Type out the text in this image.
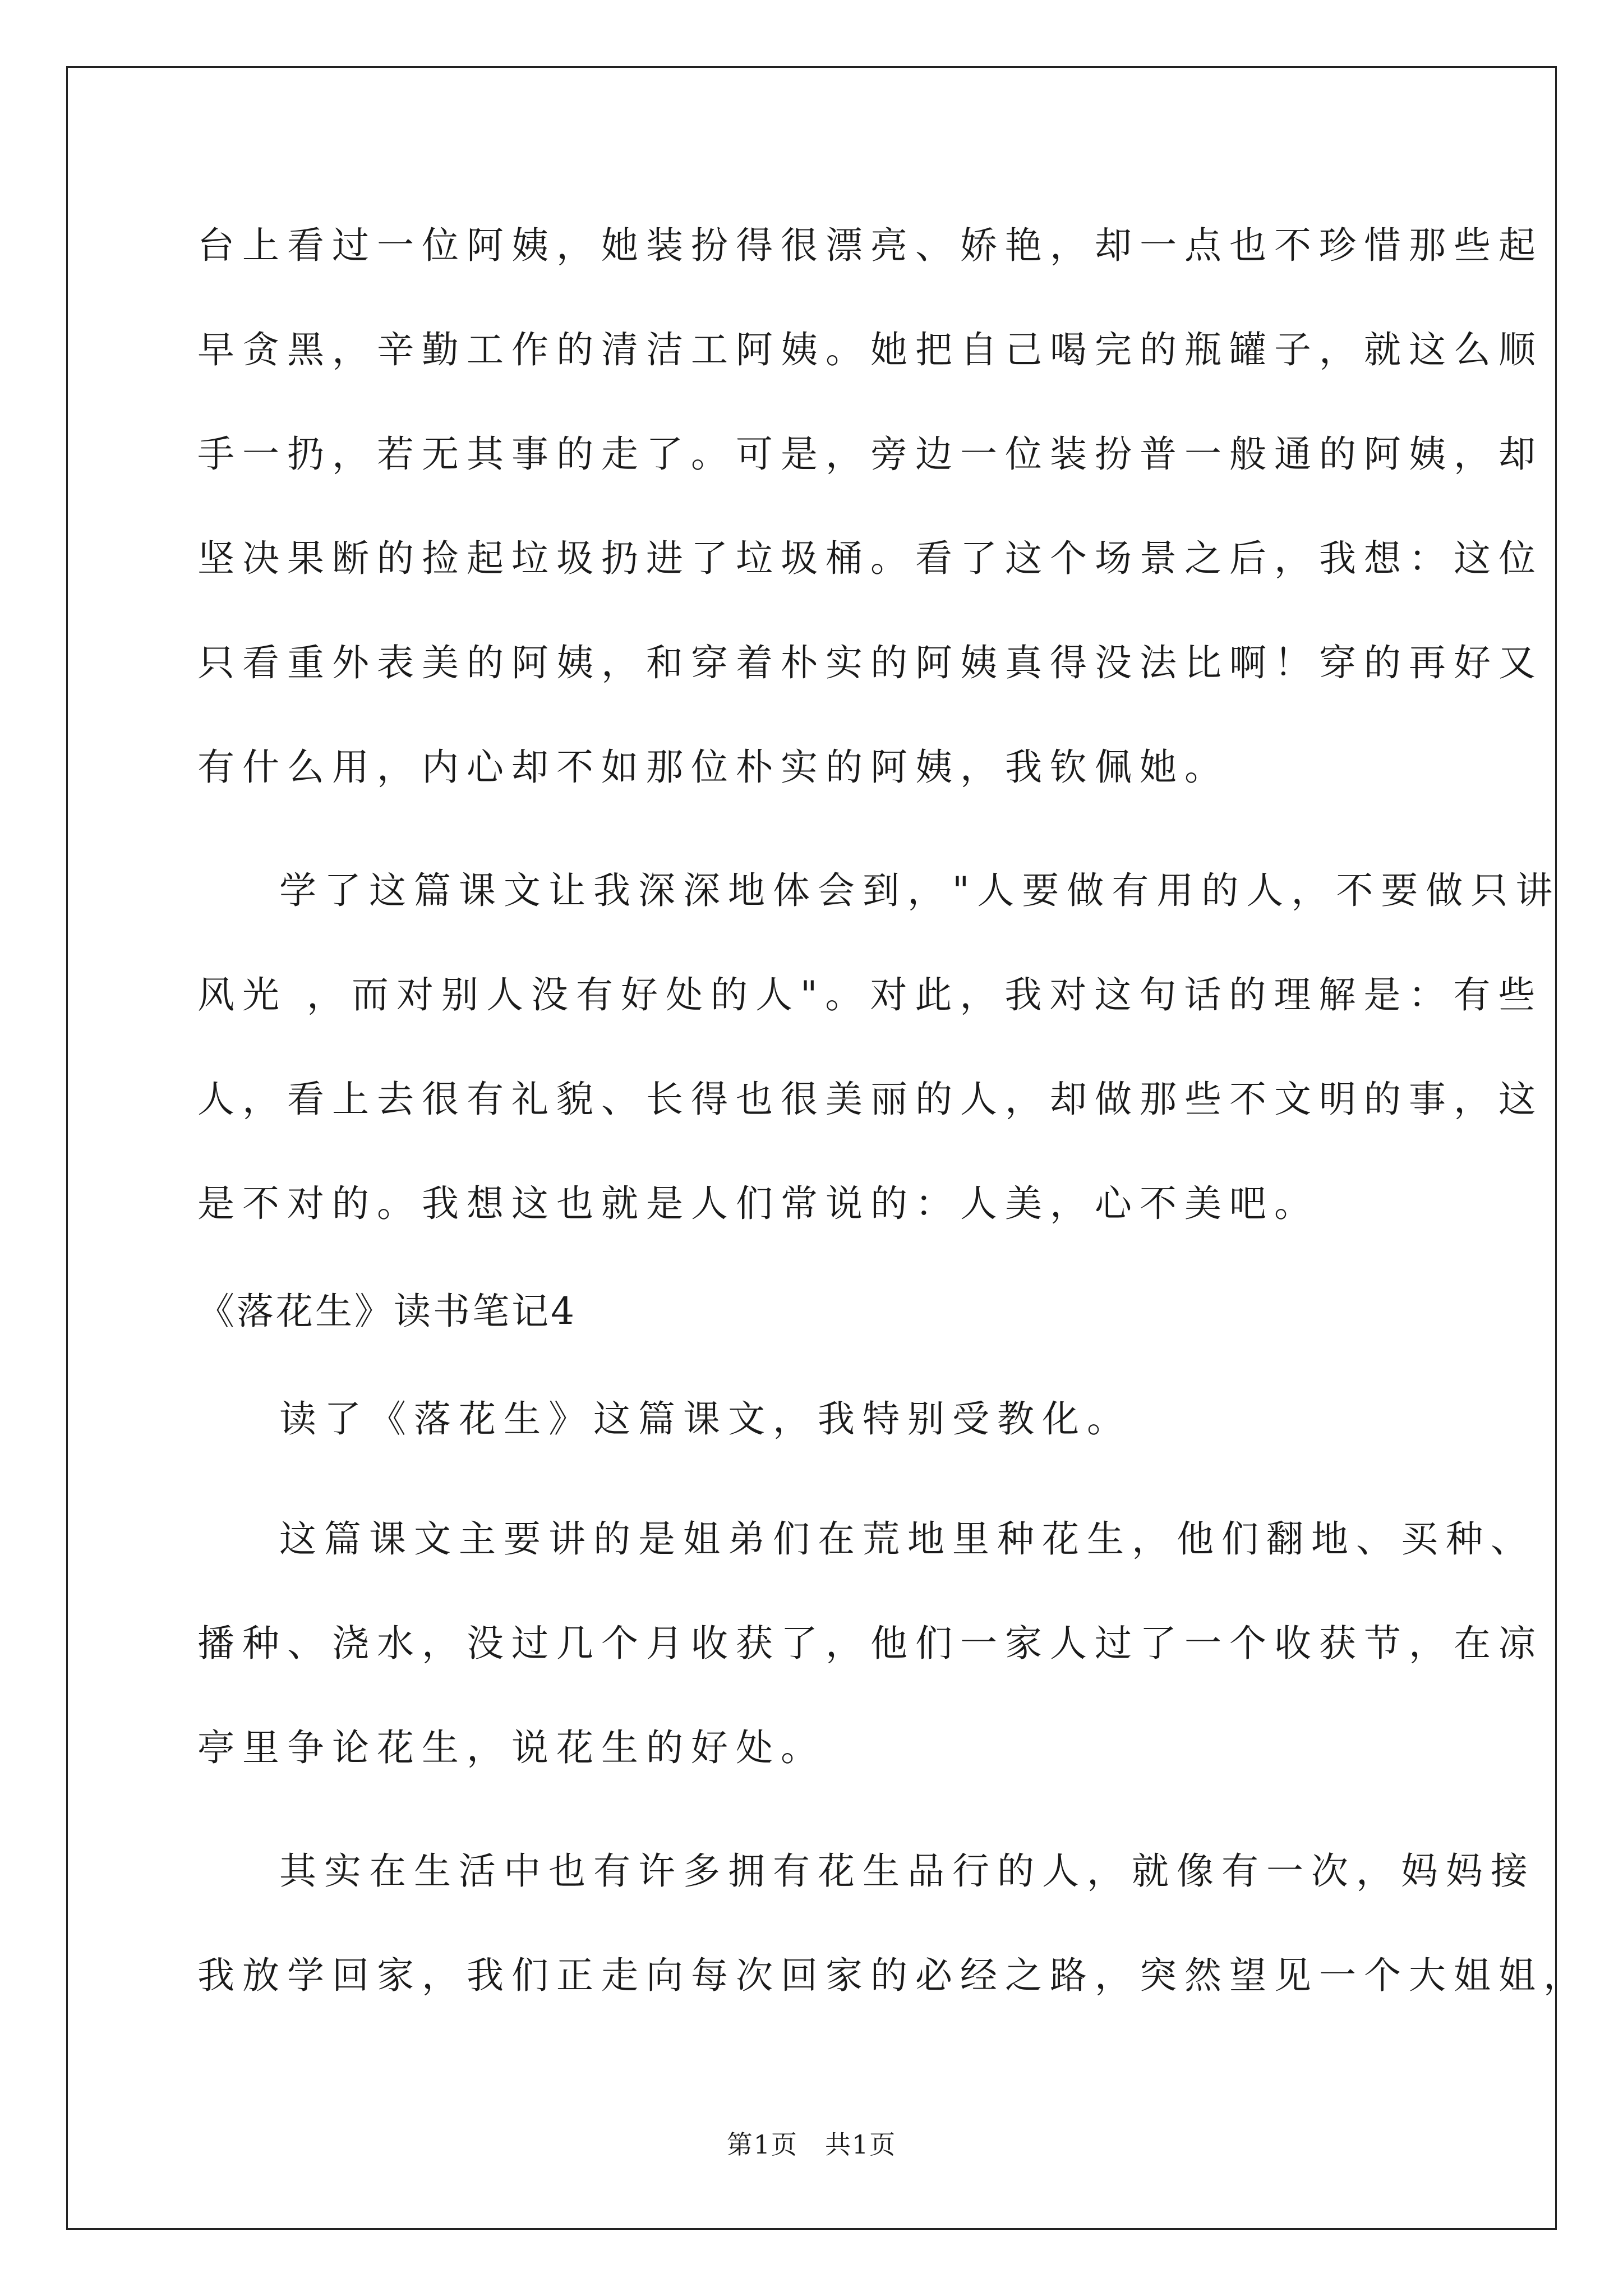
台上看过一位阿姨，她装扮得很漂亮、娇艳，却一点也不珍惜那些起
早贪黑，辛勤工作的清洁工阿姨。她把自己喝完的瓶罐子，就这么顺
手一扔，若无其事的走了。可是，旁边一位装扮普一般通的阿姨，却
坚决果断的捡起垃圾扔进了垃圾桶。看了这个场景之后，我想：这位
只看重外表美的阿姨，和穿着朴实的阿姨真得没法比啊！穿的再好又
有什么用，内心却不如那位朴实的阿姨，我钦佩她。
学了这篇课文让我深深地体会到，"人要做有用的人，不要做只讲
风光 ，而对别人没有好处的人"。对此，我对这句话的理解是：有些
人，看上去很有礼貌、长得也很美丽的人，却做那些不文明的事，这
是不对的。我想这也就是人们常说的：人美，心不美吧。
《落花生》读书笔记4
读了《落花生》这篇课文，我特别受教化。
这篇课文主要讲的是姐弟们在荒地里种花生，他们翻地、买种、
播种、浇水，没过几个月收获了，他们一家人过了一个收获节，在凉
亭里争论花生，说花生的好处。
其实在生活中也有许多拥有花生品行的人，就像有一次，妈妈接
我放学回家，我们正走向每次回家的必经之路，突然望见一个大姐姐，
第1页　共1页
